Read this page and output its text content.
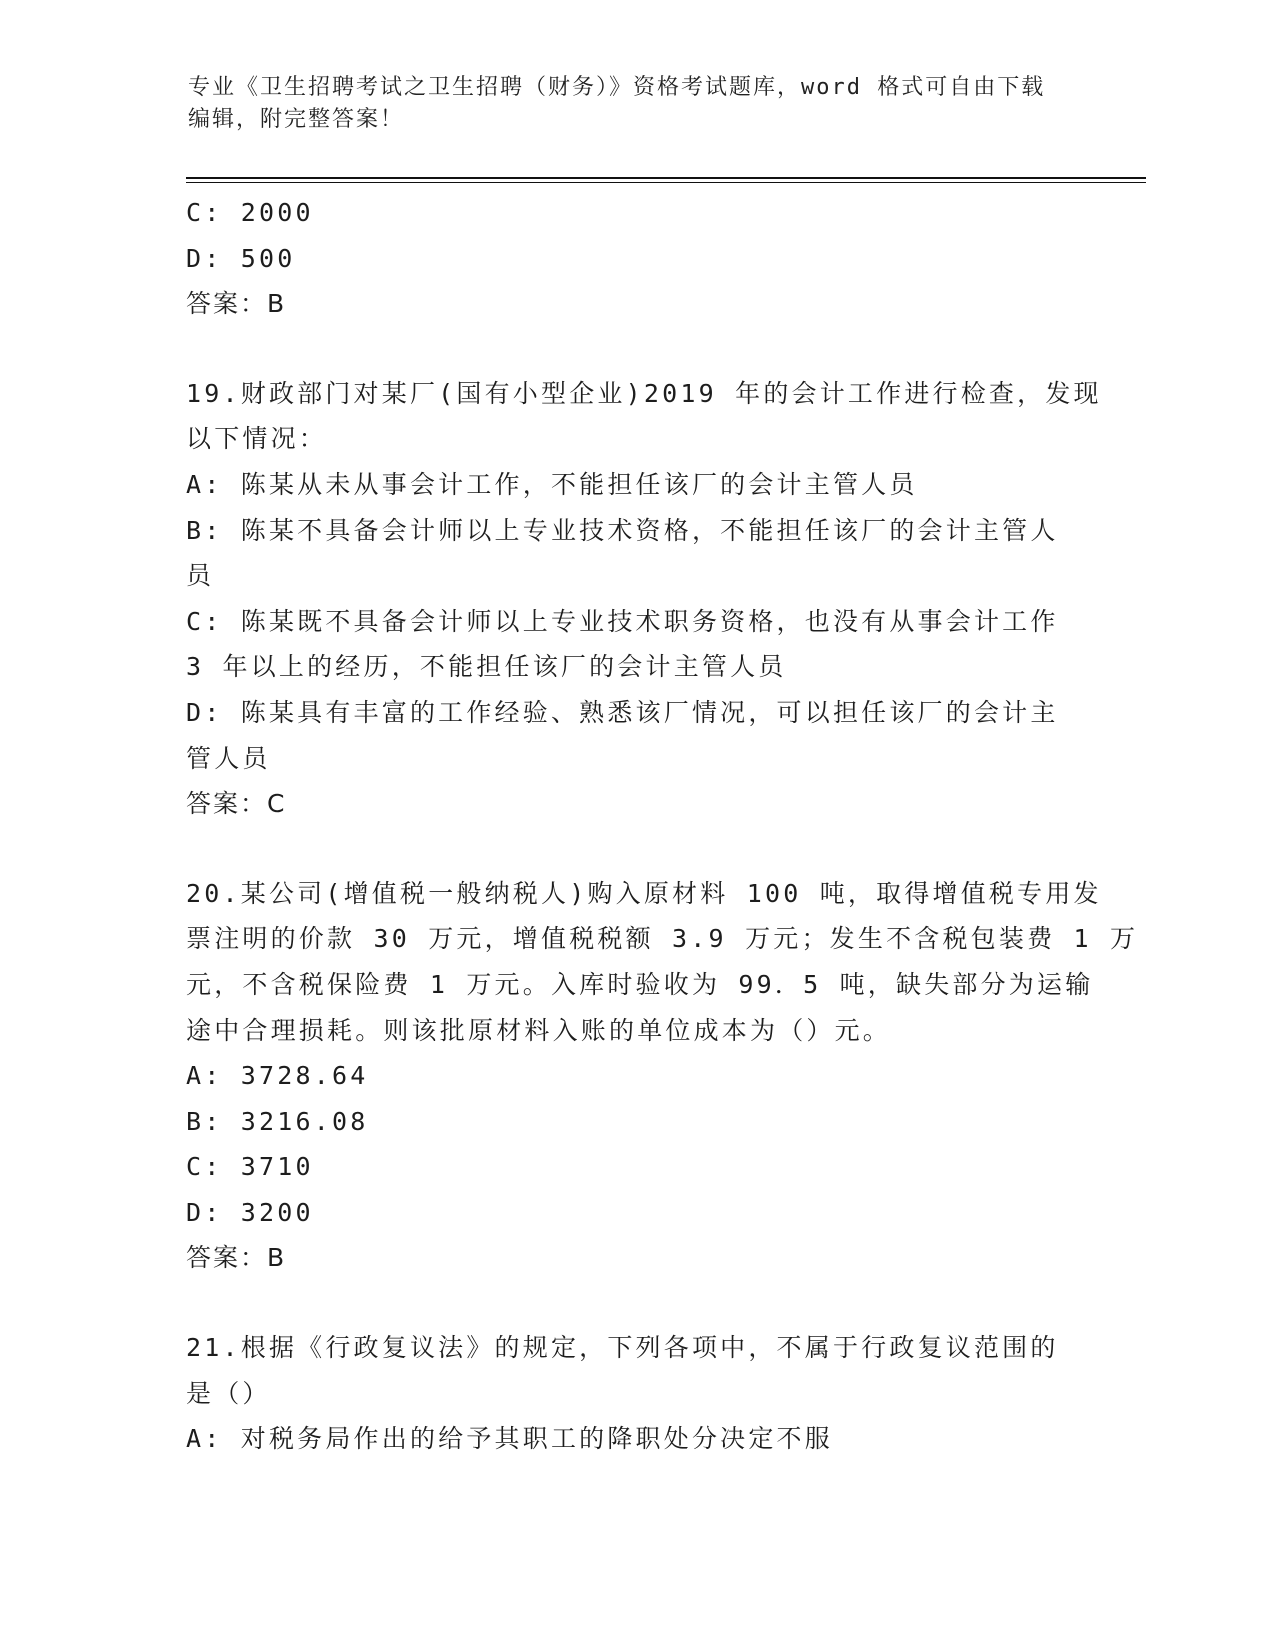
专业《卫生招聘考试之卫生招聘（财务）》资格考试题库，word 格式可自由下载
编辑，附完整答案！
C: 2000
D: 500
答案：B
19.财政部门对某厂(国有小型企业)2019 年的会计工作进行检查，发现
以下情况：
A: 陈某从未从事会计工作，不能担任该厂的会计主管人员
B: 陈某不具备会计师以上专业技术资格，不能担任该厂的会计主管人
员
C: 陈某既不具备会计师以上专业技术职务资格，也没有从事会计工作
3 年以上的经历，不能担任该厂的会计主管人员
D: 陈某具有丰富的工作经验、熟悉该厂情况，可以担任该厂的会计主
管人员
答案：C
20.某公司(增值税一般纳税人)购入原材料 100 吨，取得增值税专用发
票注明的价款 30 万元，增值税税额 3.9 万元；发生不含税包装费 1 万
元，不含税保险费 1 万元。入库时验收为 99．5 吨，缺失部分为运输
途中合理损耗。则该批原材料入账的单位成本为（）元。
A: 3728.64
B: 3216.08
C: 3710
D: 3200
答案：B
21.根据《行政复议法》的规定，下列各项中，不属于行政复议范围的
是（）
A: 对税务局作出的给予其职工的降职处分决定不服
